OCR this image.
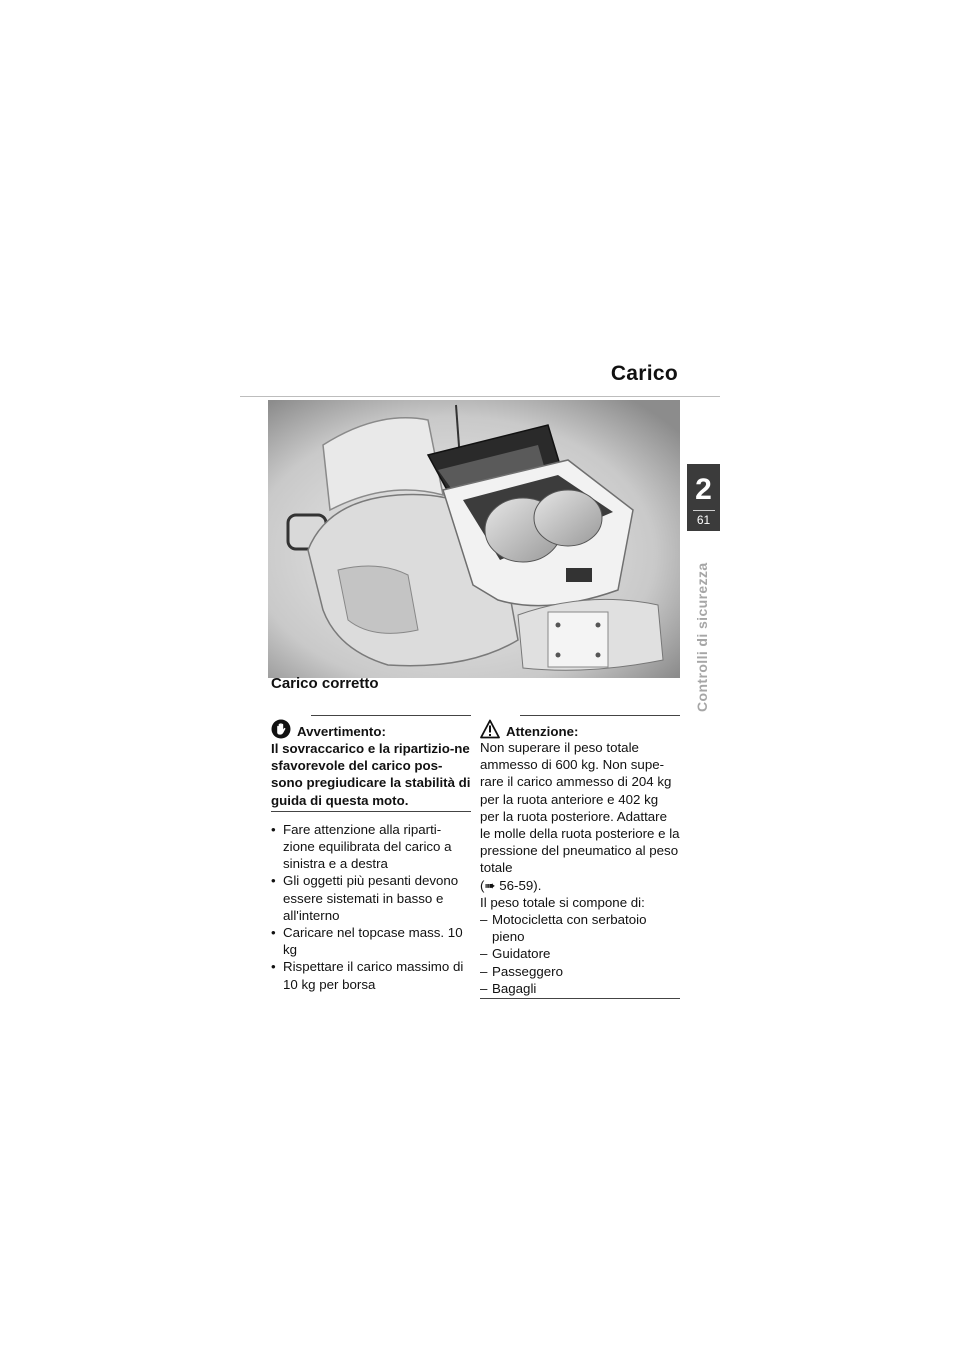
Carico
2
61
Controlli di sicurezza
Carico corretto
Avvertimento:
Il sovraccarico e la ripartizio-ne sfavorevole del carico pos-sono pregiudicare la stabilità di guida di questa moto.
• Fare attenzione alla riparti-zione equilibrata del carico a sinistra e a destra
• Gli oggetti più pesanti devono essere sistemati in basso e all'interno
• Caricare nel topcase mass. 10 kg
• Rispettare il carico massimo di 10 kg per borsa
Attenzione:

Non superare il peso totale ammesso di 600 kg. Non supe-rare il carico ammesso di 204 kg per la ruota anteriore e 402 kg per la ruota posteriore. Adattare le molle della ruota posteriore e la pressione del pneumatico al peso totale

(➠ 56-59).

Il peso totale si compone di:

– Motocicletta con serbatoio pieno
– Guidatore
– Passeggero
– Bagagli
